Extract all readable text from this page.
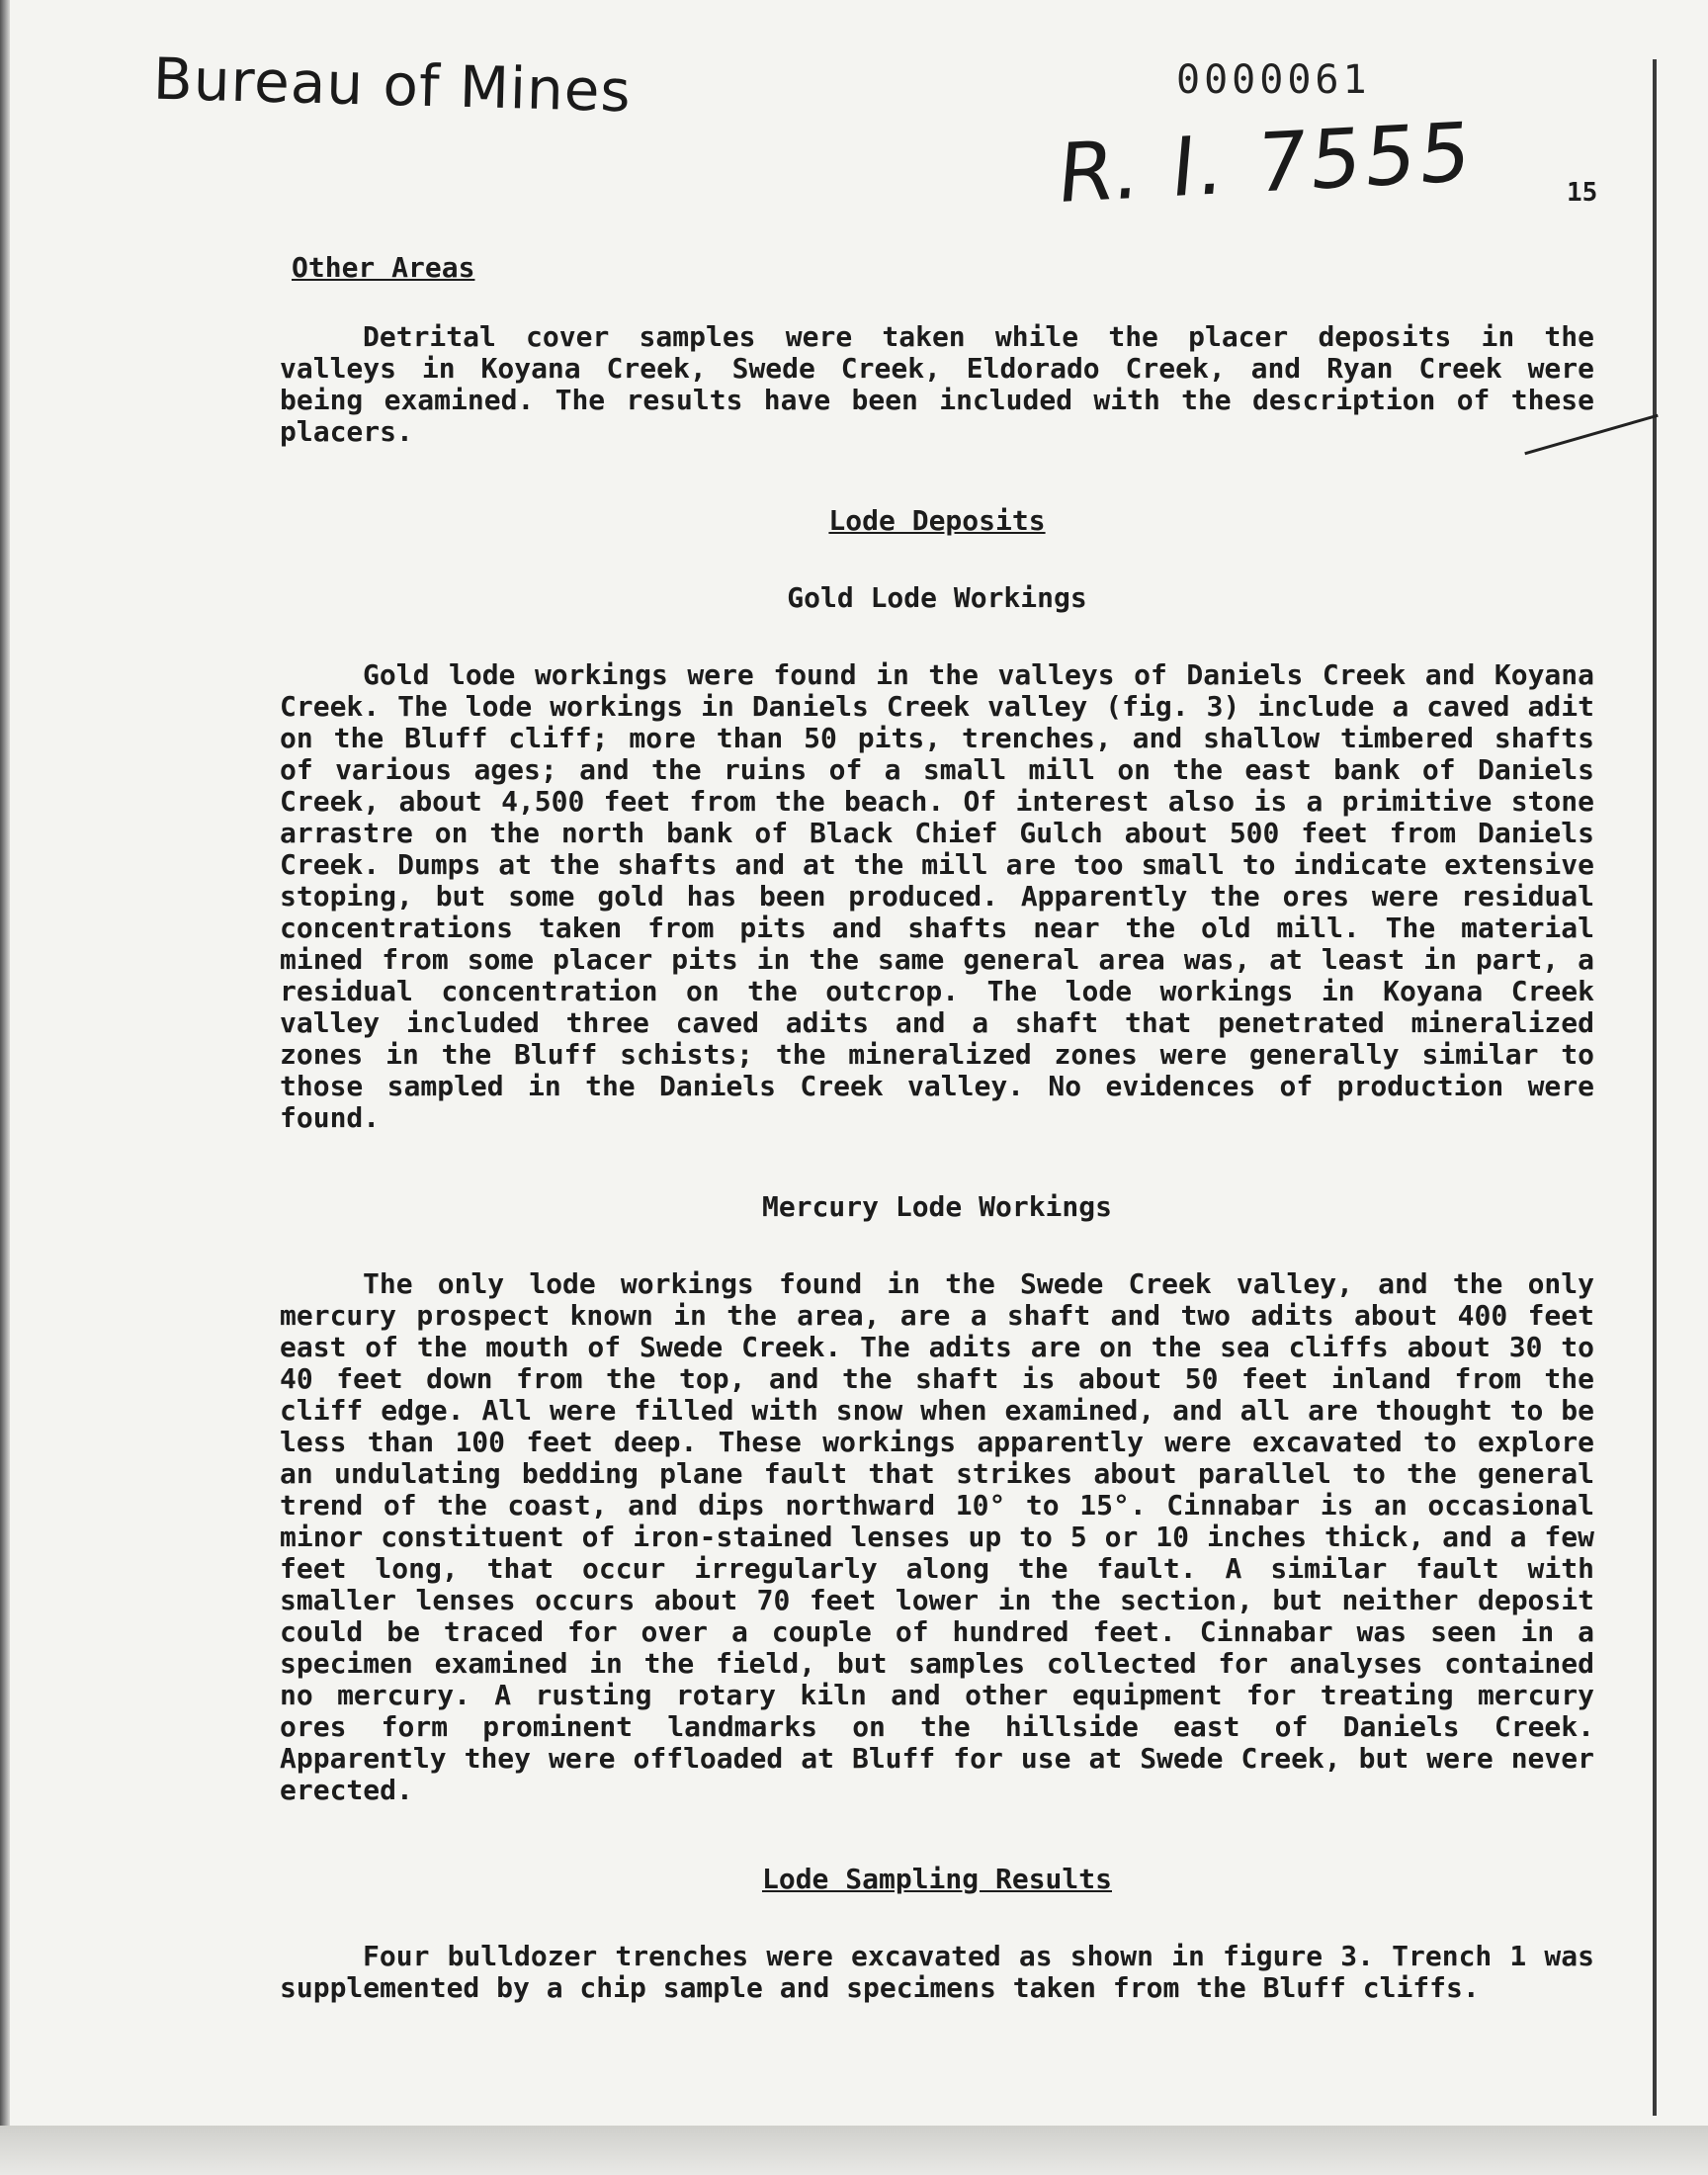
Bureau of Mines	0000061
R. I. 7555	15
Other Areas

Detrital cover samples were taken while the placer deposits in the valleys in Koyana Creek, Swede Creek, Eldorado Creek, and Ryan Creek were being examined. The results have been included with the description of these placers.

Lode Deposits
Gold Lode Workings

Gold lode workings were found in the valleys of Daniels Creek and Koyana Creek. The lode workings in Daniels Creek valley (fig. 3) include a caved adit on the Bluff cliff; more than 50 pits, trenches, and shallow timbered shafts of various ages; and the ruins of a small mill on the east bank of Daniels Creek, about 4,500 feet from the beach. Of interest also is a primitive stone arrastre on the north bank of Black Chief Gulch about 500 feet from Daniels Creek. Dumps at the shafts and at the mill are too small to indicate extensive stoping, but some gold has been produced. Apparently the ores were residual concentrations taken from pits and shafts near the old mill. The material mined from some placer pits in the same general area was, at least in part, a residual concentration on the outcrop. The lode workings in Koyana Creek valley included three caved adits and a shaft that penetrated mineralized zones in the Bluff schists; the mineralized zones were generally similar to those sampled in the Daniels Creek valley. No evidences of production were found.

Mercury Lode Workings

The only lode workings found in the Swede Creek valley, and the only mercury prospect known in the area, are a shaft and two adits about 400 feet east of the mouth of Swede Creek. The adits are on the sea cliffs about 30 to 40 feet down from the top, and the shaft is about 50 feet inland from the cliff edge. All were filled with snow when examined, and all are thought to be less than 100 feet deep. These workings apparently were excavated to explore an undulating bedding plane fault that strikes about parallel to the general trend of the coast, and dips northward 10° to 15°. Cinnabar is an occasional minor constituent of iron-stained lenses up to 5 or 10 inches thick, and a few feet long, that occur irregularly along the fault. A similar fault with smaller lenses occurs about 70 feet lower in the section, but neither deposit could be traced for over a couple of hundred feet. Cinnabar was seen in a specimen examined in the field, but samples collected for analyses contained no mercury. A rusting rotary kiln and other equipment for treating mercury ores form prominent landmarks on the hillside east of Daniels Creek. Apparently they were offloaded at Bluff for use at Swede Creek, but were never erected.

Lode Sampling Results

Four bulldozer trenches were excavated as shown in figure 3. Trench 1 was supplemented by a chip sample and specimens taken from the Bluff cliffs.
